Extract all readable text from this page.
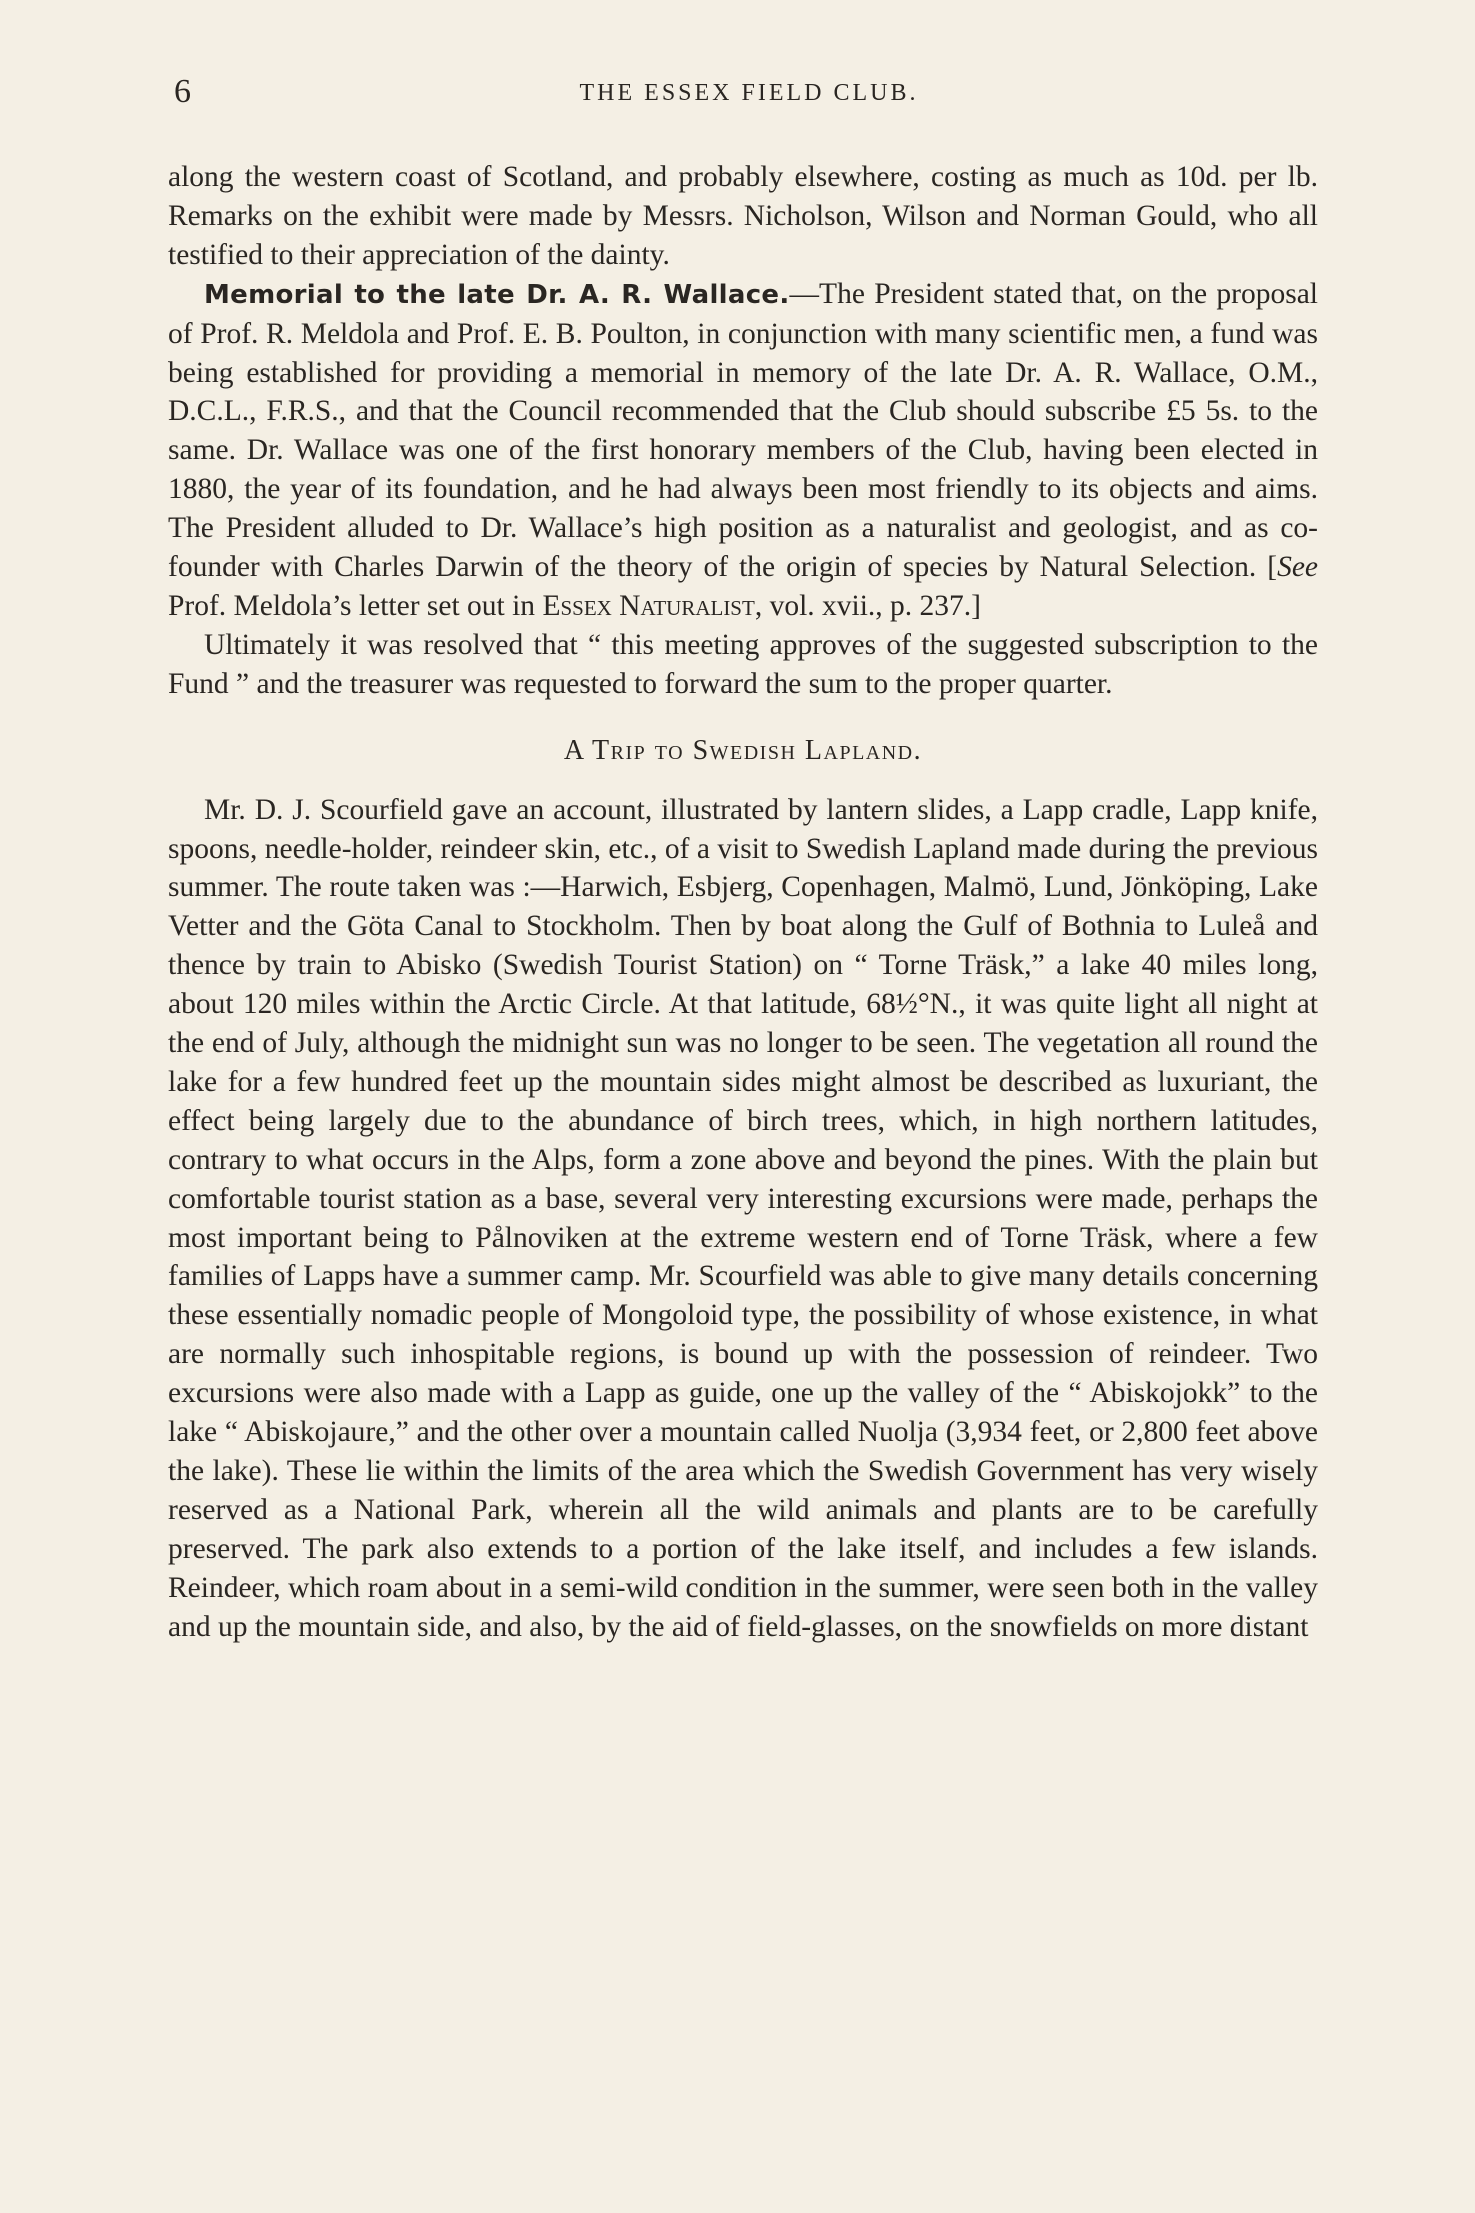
6	THE ESSEX FIELD CLUB.

along the western coast of Scotland, and probably elsewhere, costing as much as 10d. per lb. Remarks on the exhibit were made by Messrs. Nicholson, Wilson and Norman Gould, who all testified to their appreciation of the dainty.

Memorial to the late Dr. A. R. Wallace.—The President stated that, on the proposal of Prof. R. Meldola and Prof. E. B. Poulton, in conjunction with many scientific men, a fund was being established for providing a memorial in memory of the late Dr. A. R. Wallace, O.M., D.C.L., F.R.S., and that the Council recommended that the Club should subscribe £5 5s. to the same. Dr. Wallace was one of the first honorary members of the Club, having been elected in 1880, the year of its foundation, and he had always been most friendly to its objects and aims. The President alluded to Dr. Wallace’s high position as a naturalist and geologist, and as co-founder with Charles Darwin of the theory of the origin of species by Natural Selection. [See Prof. Meldola’s letter set out in Essex Naturalist, vol. xvii., p. 237.]

Ultimately it was resolved that “ this meeting approves of the suggested subscription to the Fund ” and the treasurer was requested to forward the sum to the proper quarter.

A Trip to Swedish Lapland.

Mr. D. J. Scourfield gave an account, illustrated by lantern slides, a Lapp cradle, Lapp knife, spoons, needle-holder, reindeer skin, etc., of a visit to Swedish Lapland made during the previous summer. The route taken was :—Harwich, Esbjerg, Copenhagen, Malmö, Lund, Jönköping, Lake Vetter and the Göta Canal to Stockholm. Then by boat along the Gulf of Bothnia to Luleå and thence by train to Abisko (Swedish Tourist Station) on “ Torne Träsk,” a lake 40 miles long, about 120 miles within the Arctic Circle. At that latitude, 68½°N., it was quite light all night at the end of July, although the midnight sun was no longer to be seen. The vegetation all round the lake for a few hundred feet up the mountain sides might almost be described as luxuriant, the effect being largely due to the abundance of birch trees, which, in high northern latitudes, contrary to what occurs in the Alps, form a zone above and beyond the pines. With the plain but comfortable tourist station as a base, several very interesting excursions were made, perhaps the most important being to Pålnoviken at the extreme western end of Torne Träsk, where a few families of Lapps have a summer camp. Mr. Scourfield was able to give many details concerning these essentially nomadic people of Mongoloid type, the possibility of whose existence, in what are normally such inhospitable regions, is bound up with the possession of reindeer. Two excursions were also made with a Lapp as guide, one up the valley of the “ Abiskojokk” to the lake “ Abiskojaure,” and the other over a mountain called Nuolja (3,934 feet, or 2,800 feet above the lake). These lie within the limits of the area which the Swedish Government has very wisely reserved as a National Park, wherein all the wild animals and plants are to be carefully preserved. The park also extends to a portion of the lake itself, and includes a few islands. Reindeer, which roam about in a semi-wild condition in the summer, were seen both in the valley and up the mountain side, and also, by the aid of field-glasses, on the snowfields on more distant
